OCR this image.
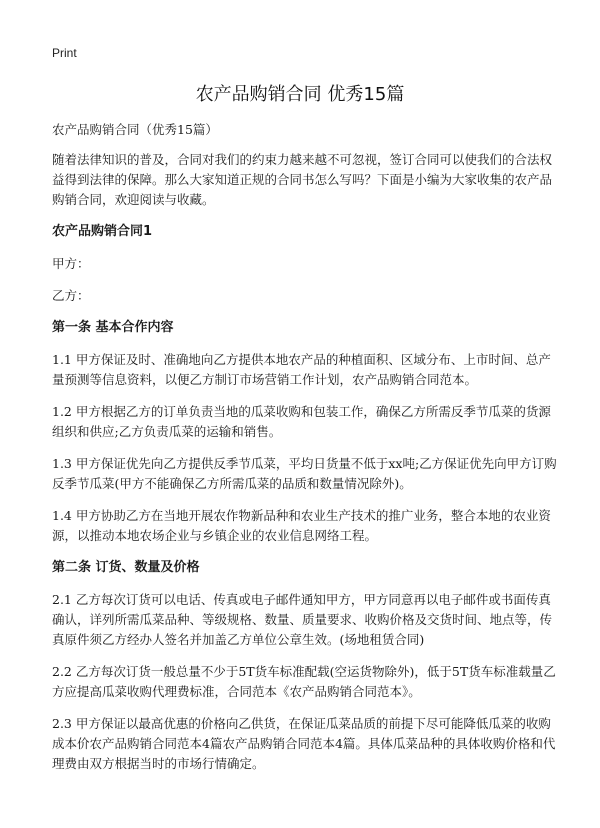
Print
农产品购销合同 优秀15篇

农产品购销合同（优秀15篇）

随着法律知识的普及，合同对我们的约束力越来越不可忽视，签订合同可以使我们的合法权益得到法律的保障。那么大家知道正规的合同书怎么写吗？下面是小编为大家收集的农产品购销合同，欢迎阅读与收藏。

农产品购销合同1

甲方：

乙方：

第一条 基本合作内容

1.1 甲方保证及时、准确地向乙方提供本地农产品的种植面积、区域分布、上市时间、总产量预测等信息资料，以便乙方制订市场营销工作计划，农产品购销合同范本。

1.2 甲方根据乙方的订单负责当地的瓜菜收购和包装工作，确保乙方所需反季节瓜菜的货源组织和供应;乙方负责瓜菜的运输和销售。

1.3 甲方保证优先向乙方提供反季节瓜菜，平均日货量不低于xx吨;乙方保证优先向甲方订购反季节瓜菜(甲方不能确保乙方所需瓜菜的品质和数量情况除外)。

1.4 甲方协助乙方在当地开展农作物新品种和农业生产技术的推广业务，整合本地的农业资源，以推动本地农场企业与乡镇企业的农业信息网络工程。

第二条 订货、数量及价格

2.1 乙方每次订货可以电话、传真或电子邮件通知甲方，甲方同意再以电子邮件或书面传真确认，详列所需瓜菜品种、等级规格、数量、质量要求、收购价格及交货时间、地点等，传真原件须乙方经办人签名并加盖乙方单位公章生效。(场地租赁合同)

2.2 乙方每次订货一般总量不少于5T货车标准配载(空运货物除外)，低于5T货车标准载量乙方应提高瓜菜收购代理费标准，合同范本《农产品购销合同范本》。

2.3 甲方保证以最高优惠的价格向乙供货，在保证瓜菜品质的前提下尽可能降低瓜菜的收购成本价农产品购销合同范本4篇农产品购销合同范本4篇。具体瓜菜品种的具体收购价格和代理费由双方根据当时的市场行情确定。
